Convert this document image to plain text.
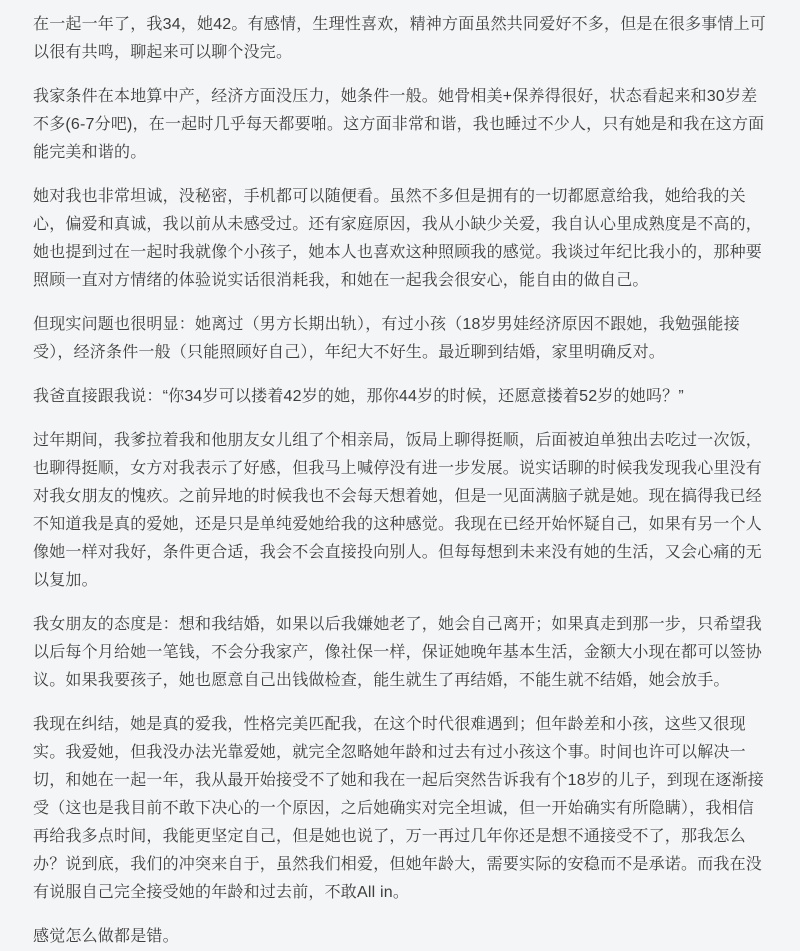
在一起一年了，我34，她42。有感情，生理性喜欢，精神方面虽然共同爱好不多，但是在很多事情上可以很有共鸣，聊起来可以聊个没完。

我家条件在本地算中产，经济方面没压力，她条件一般。她骨相美+保养得很好，状态看起来和30岁差不多(6-7分吧)，在一起时几乎每天都要啪。这方面非常和谐，我也睡过不少人，只有她是和我在这方面能完美和谐的。

她对我也非常坦诚，没秘密，手机都可以随便看。虽然不多但是拥有的一切都愿意给我，她给我的关心，偏爱和真诚，我以前从未感受过。还有家庭原因，我从小缺少关爱，我自认心里成熟度是不高的，她也提到过在一起时我就像个小孩子，她本人也喜欢这种照顾我的感觉。我谈过年纪比我小的，那种要照顾一直对方情绪的体验说实话很消耗我，和她在一起我会很安心，能自由的做自己。

但现实问题也很明显：她离过（男方长期出轨），有过小孩（18岁男娃经济原因不跟她，我勉强能接受），经济条件一般（只能照顾好自己），年纪大不好生。最近聊到结婚，家里明确反对。

我爸直接跟我说：“你34岁可以搂着42岁的她，那你44岁的时候，还愿意搂着52岁的她吗？”

过年期间，我爹拉着我和他朋友女儿组了个相亲局，饭局上聊得挺顺，后面被迫单独出去吃过一次饭，也聊得挺顺，女方对我表示了好感，但我马上喊停没有进一步发展。说实话聊的时候我发现我心里没有对我女朋友的愧疚。之前异地的时候我也不会每天想着她，但是一见面满脑子就是她。现在搞得我已经不知道我是真的爱她，还是只是单纯爱她给我的这种感觉。我现在已经开始怀疑自己，如果有另一个人像她一样对我好，条件更合适，我会不会直接投向别人。但每每想到未来没有她的生活，又会心痛的无以复加。

我女朋友的态度是：想和我结婚，如果以后我嫌她老了，她会自己离开；如果真走到那一步，只希望我以后每个月给她一笔钱，不会分我家产，像社保一样，保证她晚年基本生活，金额大小现在都可以签协议。如果我要孩子，她也愿意自己出钱做检查，能生就生了再结婚，不能生就不结婚，她会放手。

我现在纠结，她是真的爱我，性格完美匹配我，在这个时代很难遇到；但年龄差和小孩，这些又很现实。我爱她，但我没办法光靠爱她，就完全忽略她年龄和过去有过小孩这个事。时间也许可以解决一切，和她在一起一年，我从最开始接受不了她和我在一起后突然告诉我有个18岁的儿子，到现在逐渐接受（这也是我目前不敢下决心的一个原因，之后她确实对完全坦诚，但一开始确实有所隐瞒），我相信再给我多点时间，我能更坚定自己，但是她也说了，万一再过几年你还是想不通接受不了，那我怎么办？说到底，我们的冲突来自于，虽然我们相爱，但她年龄大，需要实际的安稳而不是承诺。而我在没有说服自己完全接受她的年龄和过去前，不敢All in。

感觉怎么做都是错。
